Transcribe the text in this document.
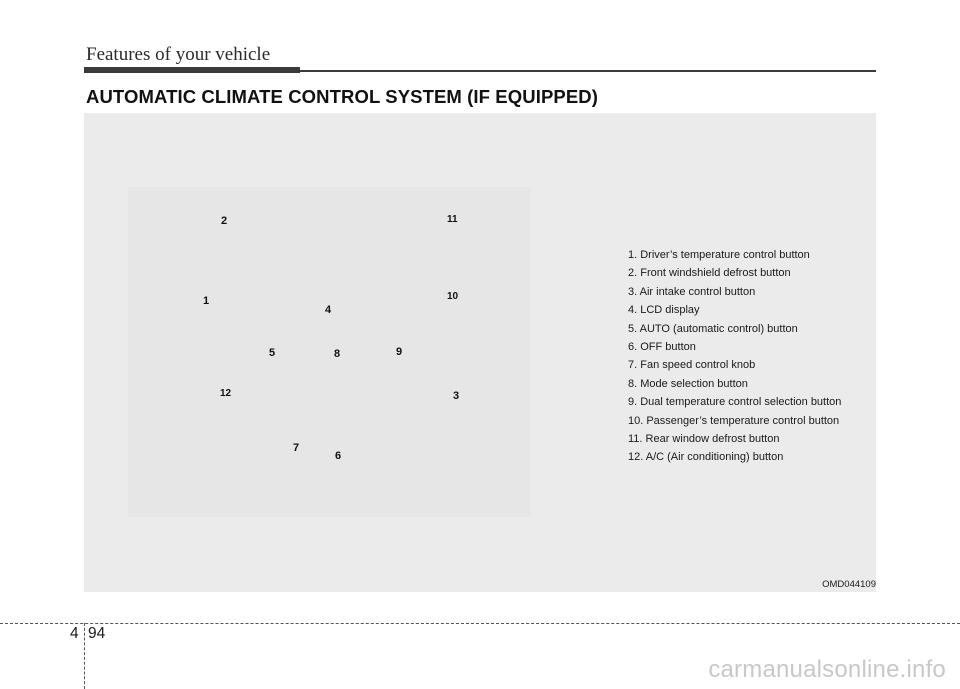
Features of your vehicle
AUTOMATIC CLIMATE CONTROL SYSTEM (IF EQUIPPED)
2	11
1	10
4
5	8	9
12	3
7
6
1. Driver’s temperature control button
2. Front windshield defrost button
3. Air intake control button
4. LCD display
5. AUTO (automatic control) button
6. OFF button
7. Fan speed control knob
8. Mode selection button
9. Dual temperature control selection button
10. Passenger’s temperature control button
11. Rear window defrost button
12. A/C (Air conditioning) button
OMD044109
4 94
carmanualsonline.info
